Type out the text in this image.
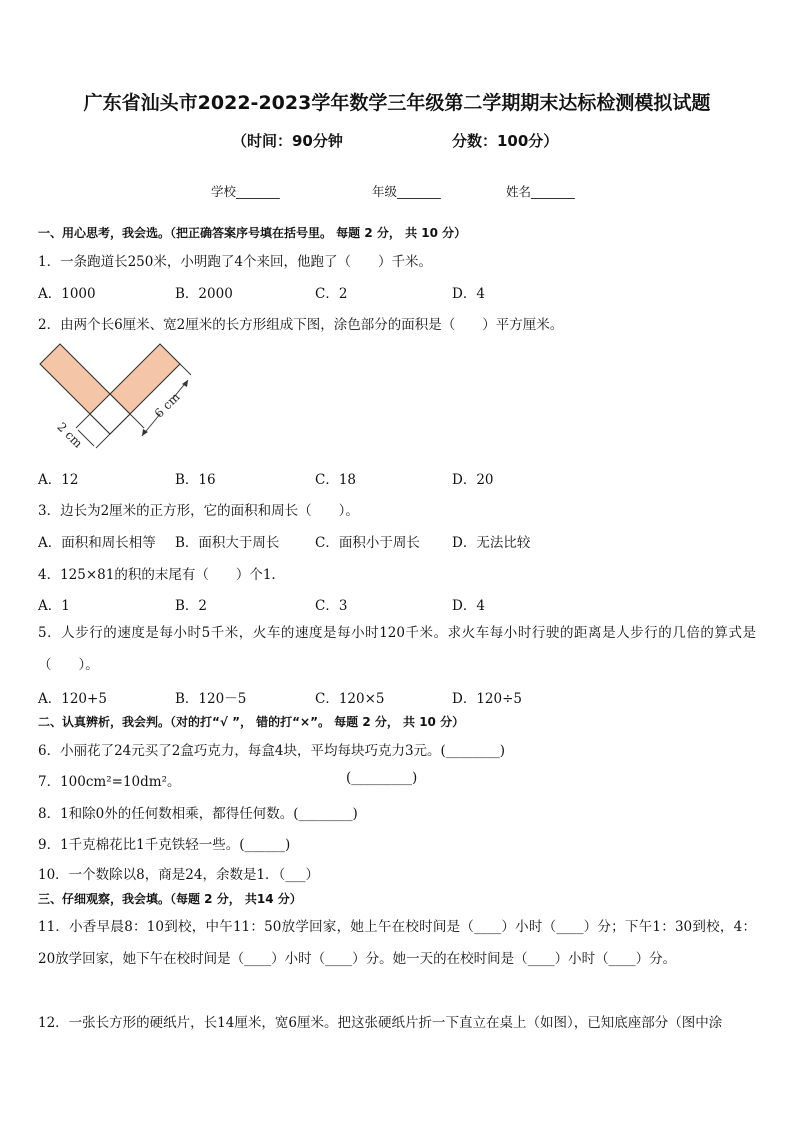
广东省汕头市2022-2023学年数学三年级第二学期期末达标检测模拟试题
（时间：90分钟	分数：100分）
学校_______	年级_______	姓名_______
一、用心思考，我会选。（把正确答案序号填在括号里。 每题 2 分， 共 10 分）
1．一条跑道长250米，小明跑了4个来回，他跑了（　　）千米。
A．1000	B．2000	C．2	D．4
2．由两个长6厘米、宽2厘米的长方形组成下图，涂色部分的面积是（　　）平方厘米。
2 cm
6 cm
A．12	B．16	C．18	D．20
3．边长为2厘米的正方形，它的面积和周长（　　）。
A．面积和周长相等 B．面积大于周长	C．面积小于周长 D．无法比较
4．125×81的积的末尾有（　　）个1.
A．1	B．2	C．3	D．4
5．人步行的速度是每小时5千米，火车的速度是每小时120千米。求火车每小时行驶的距离是人步行的几倍的算式是（　　）。
A．120+5	B．120－5	C．120×5	D．120÷5
二、认真辨析，我会判。（对的打“√ ”， 错的打“×”。 每题 2 分， 共 10 分）
6．小丽花了24元买了2盒巧克力，每盒4块，平均每块巧克力3元。(________)
7．100cm²=10dm²。	(_________)
8．1和除0外的任何数相乘，都得任何数。(________)
9．1千克棉花比1千克铁轻一些。(______)
10．一个数除以8，商是24，余数是1．（___）
三、仔细观察，我会填。（每题 2 分， 共14 分）
11．小香早晨8：10到校，中午11：50放学回家，她上午在校时间是（____）小时（____）分；下午1：30到校，4：20放学回家，她下午在校时间是（____）小时（____）分。她一天的在校时间是（____）小时（____）分。
12．一张长方形的硬纸片，长14厘米，宽6厘米。把这张硬纸片折一下直立在桌上（如图），已知底座部分（图中涂
